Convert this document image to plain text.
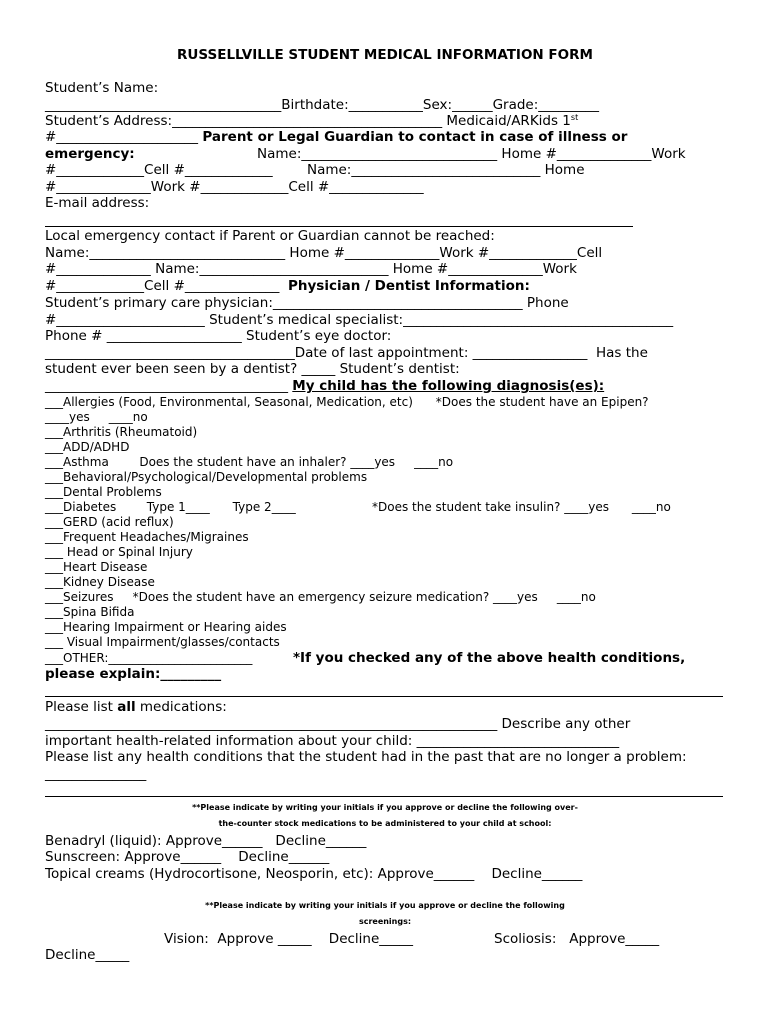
RUSSELLVILLE STUDENT MEDICAL INFORMATION FORM
Student’s Name:
___________________________________Birthdate:___________Sex:______Grade:_________
Student’s Address:________________________________________ Medicaid/ARKids 1st
#_____________________ Parent or Legal Guardian to contact in case of illness or
emergency:	Name:_____________________________ Home #______________Work
#_____________Cell #_____________        Name:____________________________ Home
#______________Work #_____________Cell #______________
E-mail address:
Local emergency contact if Parent or Guardian cannot be reached:
Name:_____________________________ Home #______________Work #_____________Cell
#______________ Name:____________________________ Home #______________Work
#_____________Cell #______________  Physician / Dentist Information:
Student’s primary care physician:_____________________________________ Phone
#______________________ Student’s medical specialist:________________________________________
Phone # ____________________ Student’s eye doctor:
_____________________________________Date of last appointment: _________________  Has the
student ever been seen by a dentist? _____ Student’s dentist:
____________________________________ My child has the following diagnosis(es):
___Allergies (Food, Environmental, Seasonal, Medication, etc)      *Does the student have an Epipen?
____yes     ____no
___Arthritis (Rheumatoid)
___ADD/ADHD
___Asthma        Does the student have an inhaler? ____yes     ____no
___Behavioral/Psychological/Developmental problems
___Dental Problems
___Diabetes        Type 1____      Type 2____                    *Does the student take insulin? ____yes      ____no
___GERD (acid reflux)
___Frequent Headaches/Migraines
___ Head or Spinal Injury
___Heart Disease
___Kidney Disease
___Seizures     *Does the student have an emergency seizure medication? ____yes     ____no
___Spina Bifida
___Hearing Impairment or Hearing aides
___ Visual Impairment/glasses/contacts
___OTHER:________________________	*If you checked any of the above health conditions,
please explain:_________
Please list all medications:
___________________________________________________________________ Describe any other
important health-related information about your child: ______________________________
Please list any health conditions that the student had in the past that are no longer a problem:
_______________
**Please indicate by writing your initials if you approve or decline the following over-
the-counter stock medications to be administered to your child at school:
Benadryl (liquid): Approve______   Decline______
Sunscreen: Approve______    Decline______
Topical creams (Hydrocortisone, Neosporin, etc): Approve______    Decline______
**Please indicate by writing your initials if you approve or decline the following
screenings:
Vision:  Approve _____    Decline_____	Scoliosis:   Approve_____
Decline_____
